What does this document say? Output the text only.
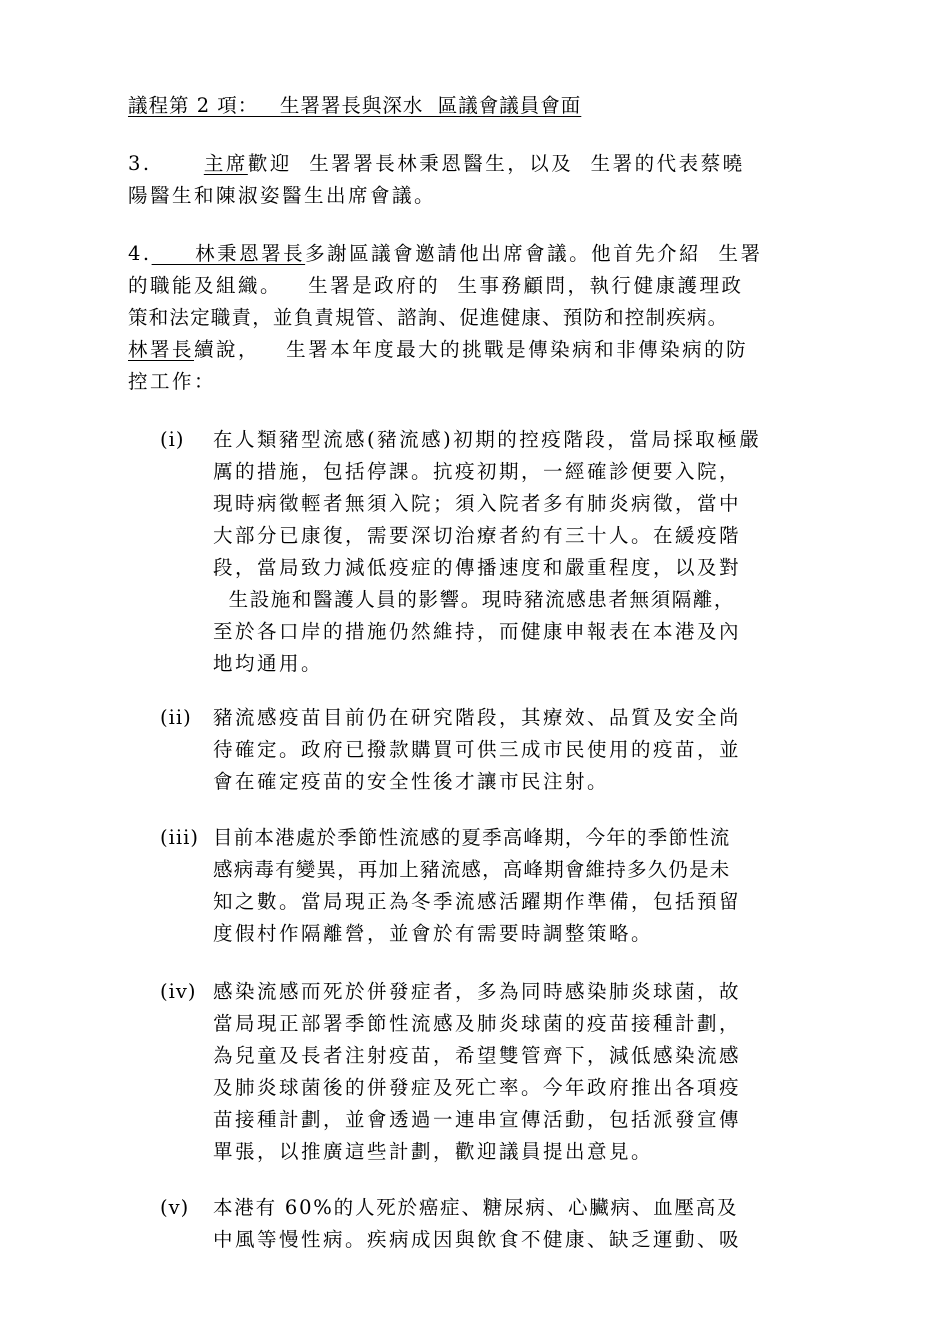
議程第 2 項：   生署署長與深水  區議會議員會面
3.	主席歡迎  生署署長林秉恩醫生，以及  生署的代表蔡曉
陽醫生和陳淑姿醫生出席會議。
4.     林秉恩署長多謝區議會邀請他出席會議。他首先介紹  生署
的職能及組織。   生署是政府的  生事務顧問，執行健康護理政
策和法定職責，並負責規管、諮詢、促進健康、預防和控制疾病。
林署長續說，   生署本年度最大的挑戰是傳染病和非傳染病的防
控工作：
(i) 在人類豬型流感(豬流感)初期的控疫階段，當局採取極嚴
厲的措施，包括停課。抗疫初期，一經確診便要入院，
現時病徵輕者無須入院；須入院者多有肺炎病徵，當中
大部分已康復，需要深切治療者約有三十人。在緩疫階
段，當局致力減低疫症的傳播速度和嚴重程度，以及對
生設施和醫護人員的影響。現時豬流感患者無須隔離，
至於各口岸的措施仍然維持，而健康申報表在本港及內
地均通用。
(ii) 豬流感疫苗目前仍在研究階段，其療效、品質及安全尚
待確定。政府已撥款購買可供三成市民使用的疫苗，並
會在確定疫苗的安全性後才讓市民注射。
(iii) 目前本港處於季節性流感的夏季高峰期，今年的季節性流
感病毒有變異，再加上豬流感，高峰期會維持多久仍是未
知之數。當局現正為冬季流感活躍期作準備，包括預留
度假村作隔離營，並會於有需要時調整策略。
(iv) 感染流感而死於併發症者，多為同時感染肺炎球菌，故
當局現正部署季節性流感及肺炎球菌的疫苗接種計劃，
為兒童及長者注射疫苗，希望雙管齊下，減低感染流感
及肺炎球菌後的併發症及死亡率。今年政府推出各項疫
苗接種計劃，並會透過一連串宣傳活動，包括派發宣傳
單張，以推廣這些計劃，歡迎議員提出意見。
(v) 本港有 60%的人死於癌症、糖尿病、心臟病、血壓高及
中風等慢性病。疾病成因與飲食不健康、缺乏運動、吸
